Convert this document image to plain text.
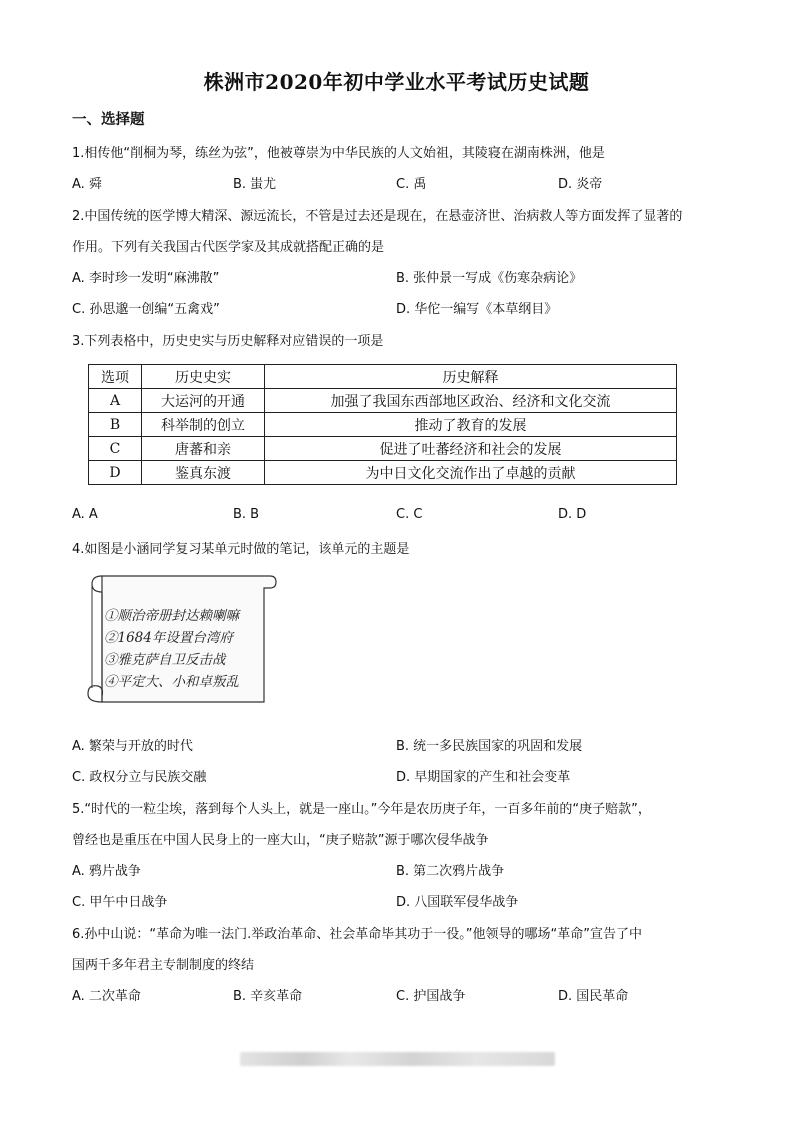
株洲市2020年初中学业水平考试历史试题
一、选择题
1.相传他“削桐为琴，练丝为弦”，他被尊崇为中华民族的人文始祖，其陵寝在湖南株洲，他是
A. 舜	B. 蚩尤	C. 禹	D. 炎帝
2.中国传统的医学博大精深、源远流长，不管是过去还是现在，在悬壶济世、治病救人等方面发挥了显著的
作用。下列有关我国古代医学家及其成就搭配正确的是
A. 李时珍一发明“麻沸散”	B. 张仲景一写成《伤寒杂病论》
C. 孙思邈一创编“五禽戏”	D. 华佗一编写《本草纲目》
3.下列表格中，历史史实与历史解释对应错误的一项是
选项	历史史实	历史解释
A	大运河的开通	加强了我国东西部地区政治、经济和文化交流
B	科举制的创立	推动了教育的发展
C	唐蕃和亲	促进了吐蕃经济和社会的发展
D	鉴真东渡	为中日文化交流作出了卓越的贡献
A. A	B. B	C. C	D. D
4.如图是小涵同学复习某单元时做的笔记，该单元的主题是
①顺治帝册封达赖喇嘛
②1684年设置台湾府
③雅克萨自卫反击战
④平定大、小和卓叛乱
A. 繁荣与开放的时代	B. 统一多民族国家的巩固和发展
C. 政权分立与民族交融	D. 早期国家的产生和社会变革
5.“时代的一粒尘埃，落到每个人头上，就是一座山。”今年是农历庚子年，一百多年前的“庚子赔款”，
曾经也是重压在中国人民身上的一座大山，“庚子赔款”源于哪次侵华战争
A. 鸦片战争	B. 第二次鸦片战争
C. 甲午中日战争	D. 八国联军侵华战争
6.孙中山说：“革命为唯一法门.举政治革命、社会革命毕其功于一役。”他领导的哪场“革命”宣告了中
国两千多年君主专制制度的终结
A. 二次革命	B. 辛亥革命	C. 护国战争	D. 国民革命
